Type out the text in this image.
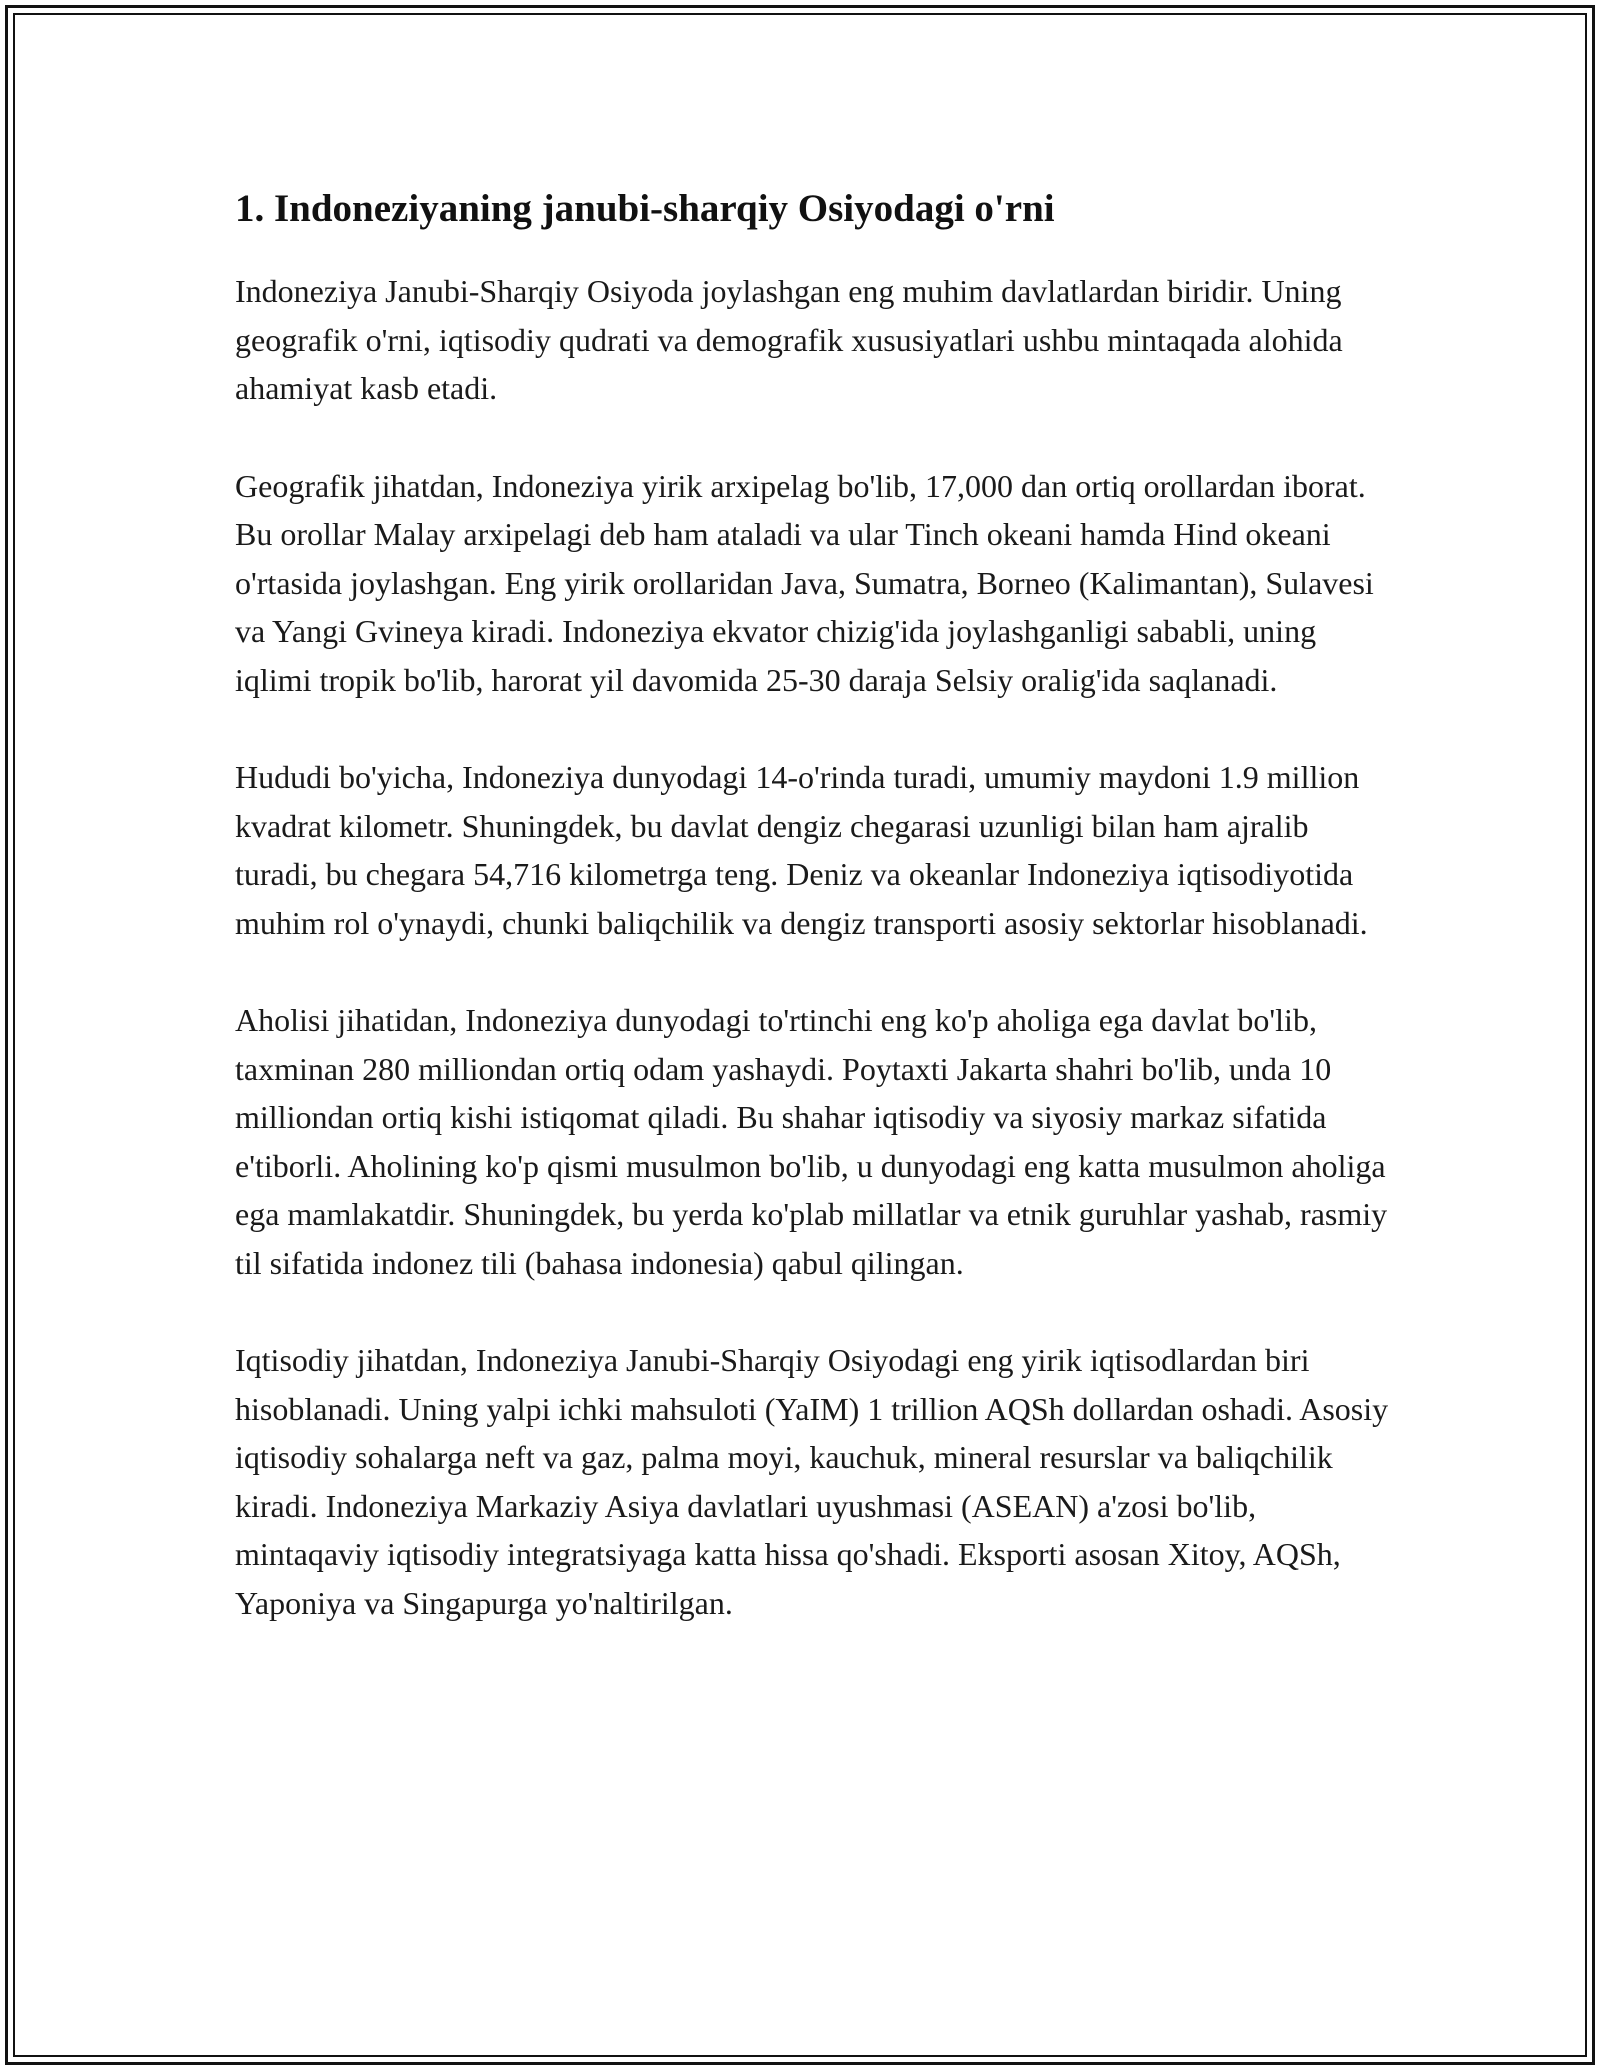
1. Indoneziyaning janubi-sharqiy Osiyodagi o'rni

Indoneziya Janubi-Sharqiy Osiyoda joylashgan eng muhim davlatlardan biridir. Uning geografik o'rni, iqtisodiy qudrati va demografik xususiyatlari ushbu mintaqada alohida ahamiyat kasb etadi.

Geografik jihatdan, Indoneziya yirik arxipelag bo'lib, 17,000 dan ortiq orollardan iborat. Bu orollar Malay arxipelagi deb ham ataladi va ular Tinch okeani hamda Hind okeani o'rtasida joylashgan. Eng yirik orollaridan Java, Sumatra, Borneo (Kalimantan), Sulavesi va Yangi Gvineya kiradi. Indoneziya ekvator chizig'ida joylashganligi sababli, uning iqlimi tropik bo'lib, harorat yil davomida 25-30 daraja Selsiy oralig'ida saqlanadi.

Hududi bo'yicha, Indoneziya dunyodagi 14-o'rinda turadi, umumiy maydoni 1.9 million kvadrat kilometr. Shuningdek, bu davlat dengiz chegarasi uzunligi bilan ham ajralib turadi, bu chegara 54,716 kilometrga teng. Deniz va okeanlar Indoneziya iqtisodiyotida muhim rol o'ynaydi, chunki baliqchilik va dengiz transporti asosiy sektorlar hisoblanadi.

Aholisi jihatidan, Indoneziya dunyodagi to'rtinchi eng ko'p aholiga ega davlat bo'lib, taxminan 280 milliondan ortiq odam yashaydi. Poytaxti Jakarta shahri bo'lib, unda 10 milliondan ortiq kishi istiqomat qiladi. Bu shahar iqtisodiy va siyosiy markaz sifatida e'tiborli. Aholining ko'p qismi musulmon bo'lib, u dunyodagi eng katta musulmon aholiga ega mamlakatdir. Shuningdek, bu yerda ko'plab millatlar va etnik guruhlar yashab, rasmiy til sifatida indonez tili (bahasa indonesia) qabul qilingan.

Iqtisodiy jihatdan, Indoneziya Janubi-Sharqiy Osiyodagi eng yirik iqtisodlardan biri hisoblanadi. Uning yalpi ichki mahsuloti (YaIM) 1 trillion AQSh dollardan oshadi. Asosiy iqtisodiy sohalarga neft va gaz, palma moyi, kauchuk, mineral resurslar va baliqchilik kiradi. Indoneziya Markaziy Asiya davlatlari uyushmasi (ASEAN) a'zosi bo'lib, mintaqaviy iqtisodiy integratsiyaga katta hissa qo'shadi. Eksporti asosan Xitoy, AQSh, Yaponiya va Singapurga yo'naltirilgan.
